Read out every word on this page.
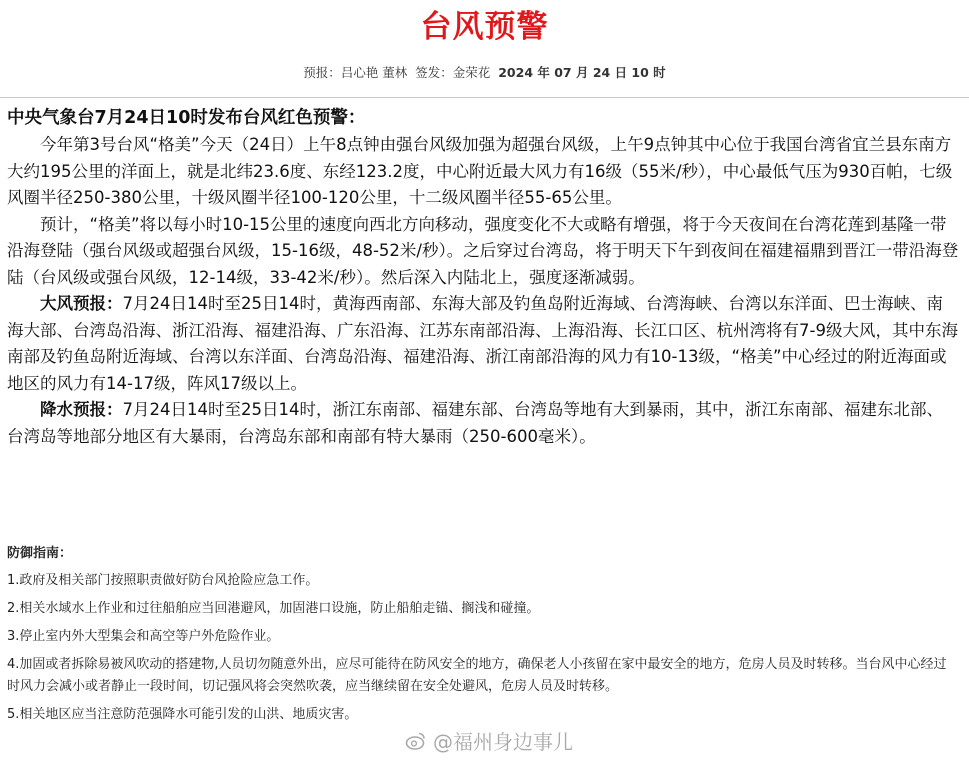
台风预警
预报：吕心艳 董林 签发：金荣花 2024 年 07 月 24 日 10 时
中央气象台7月24日10时发布台风红色预警：

今年第3号台风“格美”今天（24日）上午8点钟由强台风级加强为超强台风级，上午9点钟其中心位于我国台湾省宜兰县东南方大约195公里的洋面上，就是北纬23.6度、东经123.2度，中心附近最大风力有16级（55米/秒），中心最低气压为930百帕，七级风圈半径250-380公里，十级风圈半径100-120公里，十二级风圈半径55-65公里。

预计，“格美”将以每小时10-15公里的速度向西北方向移动，强度变化不大或略有增强，将于今天夜间在台湾花莲到基隆一带沿海登陆（强台风级或超强台风级，15-16级，48-52米/秒）。之后穿过台湾岛，将于明天下午到夜间在福建福鼎到晋江一带沿海登陆（台风级或强台风级，12-14级，33-42米/秒）。然后深入内陆北上，强度逐渐减弱。

大风预报：7月24日14时至25日14时，黄海西南部、东海大部及钓鱼岛附近海域、台湾海峡、台湾以东洋面、巴士海峡、南海大部、台湾岛沿海、浙江沿海、福建沿海、广东沿海、江苏东南部沿海、上海沿海、长江口区、杭州湾将有7-9级大风，其中东海南部及钓鱼岛附近海域、台湾以东洋面、台湾岛沿海、福建沿海、浙江南部沿海的风力有10-13级，“格美”中心经过的附近海面或地区的风力有14-17级，阵风17级以上。

降水预报：7月24日14时至25日14时，浙江东南部、福建东部、台湾岛等地有大到暴雨，其中，浙江东南部、福建东北部、台湾岛等地部分地区有大暴雨，台湾岛东部和南部有特大暴雨（250-600毫米）。

防御指南：
1.政府及相关部门按照职责做好防台风抢险应急工作。
2.相关水域水上作业和过往船舶应当回港避风，加固港口设施，防止船舶走锚、搁浅和碰撞。
3.停止室内外大型集会和高空等户外危险作业。
4.加固或者拆除易被风吹动的搭建物,人员切勿随意外出，应尽可能待在防风安全的地方，确保老人小孩留在家中最安全的地方，危房人员及时转移。当台风中心经过时风力会减小或者静止一段时间，切记强风将会突然吹袭，应当继续留在安全处避风，危房人员及时转移。
5.相关地区应当注意防范强降水可能引发的山洪、地质灾害。
@福州身边事儿
